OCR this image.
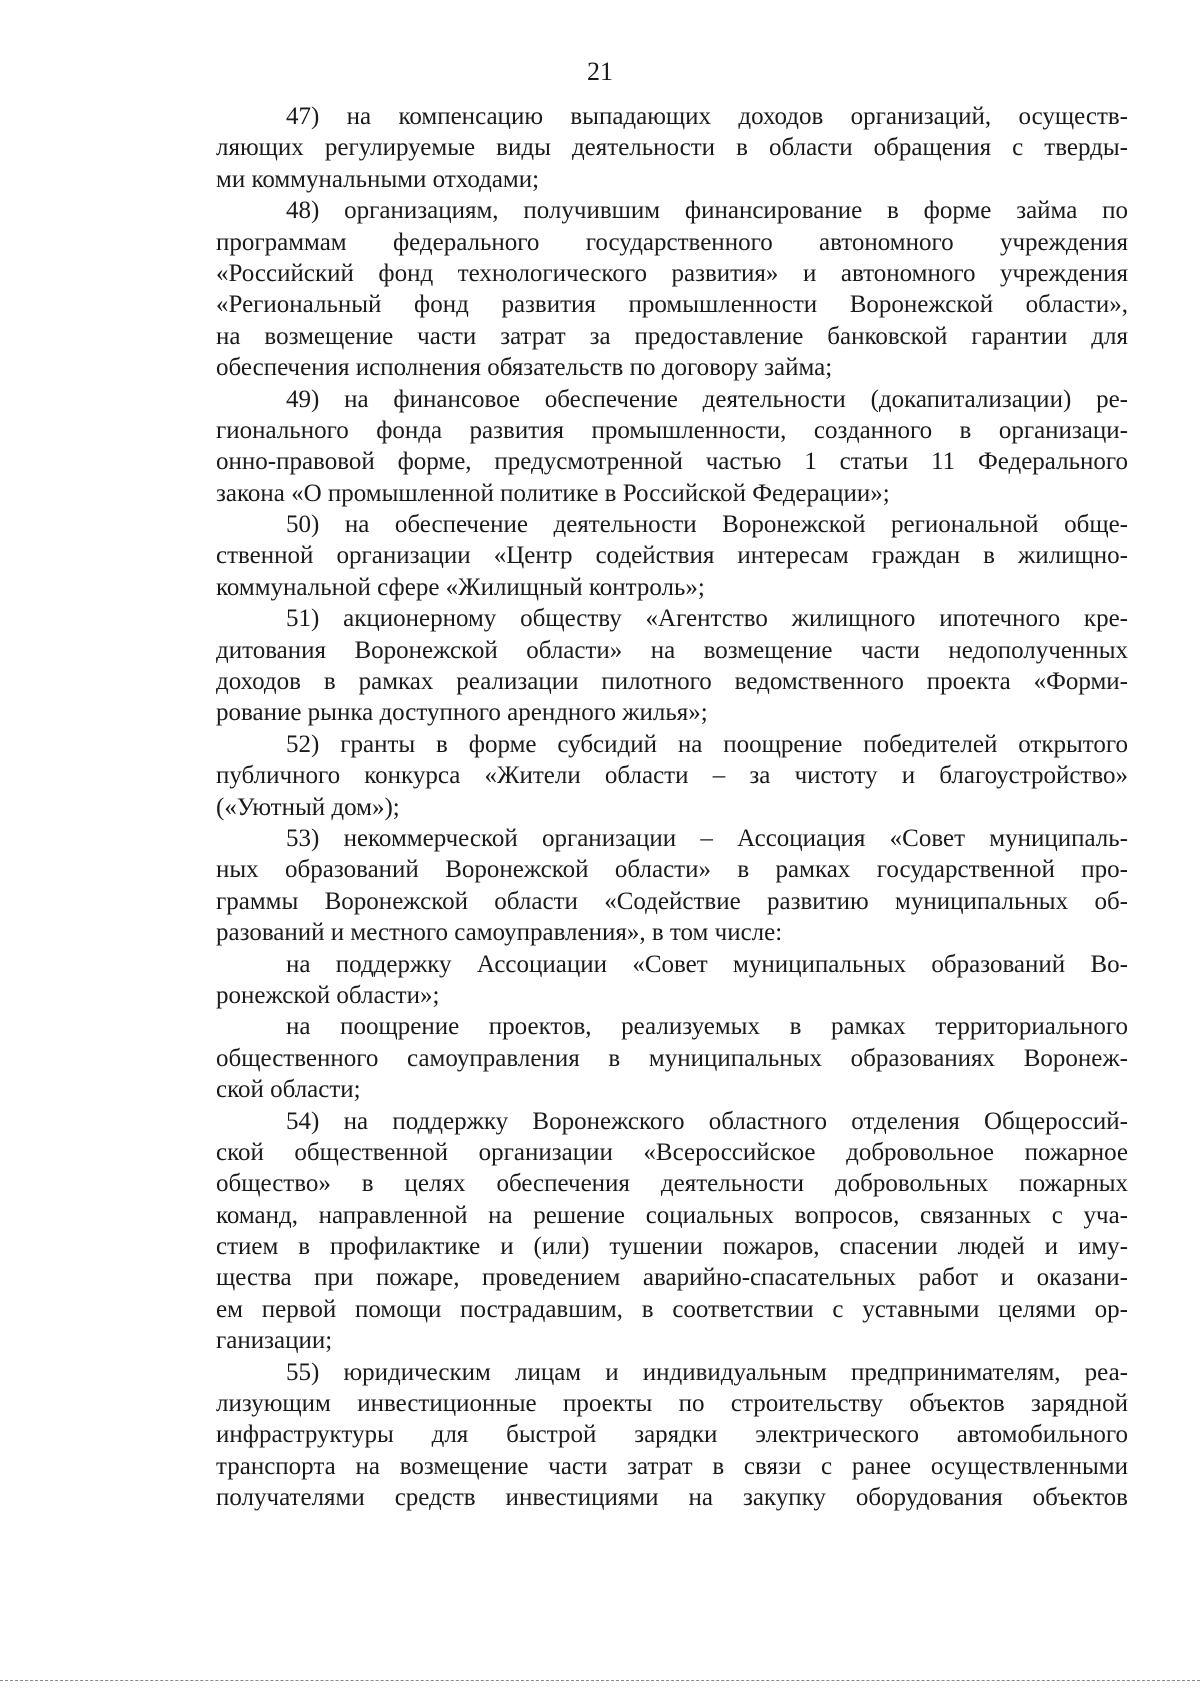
21
47) на компенсацию выпадающих доходов организаций, осуществ-
ляющих регулируемые виды деятельности в области обращения с тверды-
ми коммунальными отходами;
48) организациям, получившим финансирование в форме займа по
программам федерального государственного автономного учреждения
«Российский фонд технологического развития» и автономного учреждения
«Региональный фонд развития промышленности Воронежской области»,
на возмещение части затрат за предоставление банковской гарантии для
обеспечения исполнения обязательств по договору займа;
49) на финансовое обеспечение деятельности (докапитализации) ре-
гионального фонда развития промышленности, созданного в организаци-
онно-правовой форме, предусмотренной частью 1 статьи 11 Федерального
закона «О промышленной политике в Российской Федерации»;
50) на обеспечение деятельности Воронежской региональной обще-
ственной организации «Центр содействия интересам граждан в жилищно-
коммунальной сфере «Жилищный контроль»;
51) акционерному обществу «Агентство жилищного ипотечного кре-
дитования Воронежской области» на возмещение части недополученных
доходов в рамках реализации пилотного ведомственного проекта «Форми-
рование рынка доступного арендного жилья»;
52) гранты в форме субсидий на поощрение победителей открытого
публичного конкурса «Жители области – за чистоту и благоустройство»
(«Уютный дом»);
53) некоммерческой организации – Ассоциация «Совет муниципаль-
ных образований Воронежской области» в рамках государственной про-
граммы Воронежской области «Содействие развитию муниципальных об-
разований и местного самоуправления», в том числе:
на поддержку Ассоциации «Совет муниципальных образований Во-
ронежской области»;
на поощрение проектов, реализуемых в рамках территориального
общественного самоуправления в муниципальных образованиях Воронеж-
ской области;
54) на поддержку Воронежского областного отделения Общероссий-
ской общественной организации «Всероссийское добровольное пожарное
общество» в целях обеспечения деятельности добровольных пожарных
команд, направленной на решение социальных вопросов, связанных с уча-
стием в профилактике и (или) тушении пожаров, спасении людей и иму-
щества при пожаре, проведением аварийно-спасательных работ и оказани-
ем первой помощи пострадавшим, в соответствии с уставными целями ор-
ганизации;
55) юридическим лицам и индивидуальным предпринимателям, реа-
лизующим инвестиционные проекты по строительству объектов зарядной
инфраструктуры для быстрой зарядки электрического автомобильного
транспорта на возмещение части затрат в связи с ранее осуществленными
получателями средств инвестициями на закупку оборудования объектов
